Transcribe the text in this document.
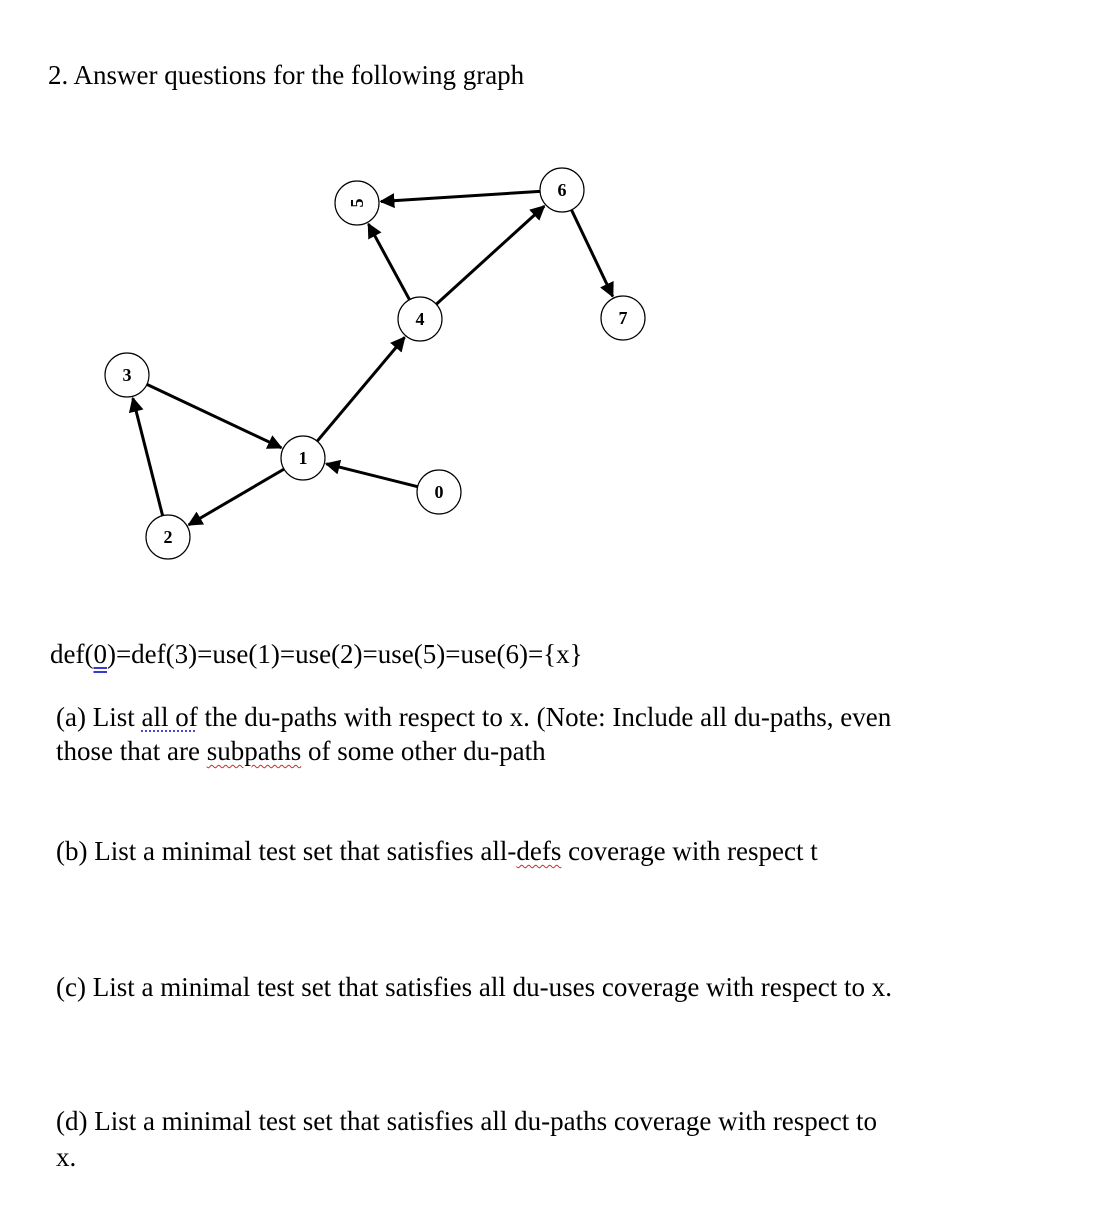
2. Answer questions for the following graph

0
1
2
3
4
5
6
7

def(0)=def(3)=use(1)=use(2)=use(5)=use(6)={x}

(a) List all of the du-paths with respect to x. (Note: Include all du-paths, even

those that are subpaths of some other du-path

(b) List a minimal test set that satisfies all-defs coverage with respect t

(c) List a minimal test set that satisfies all du-uses coverage with respect to x.

(d) List a minimal test set that satisfies all du-paths coverage with respect to

x.
